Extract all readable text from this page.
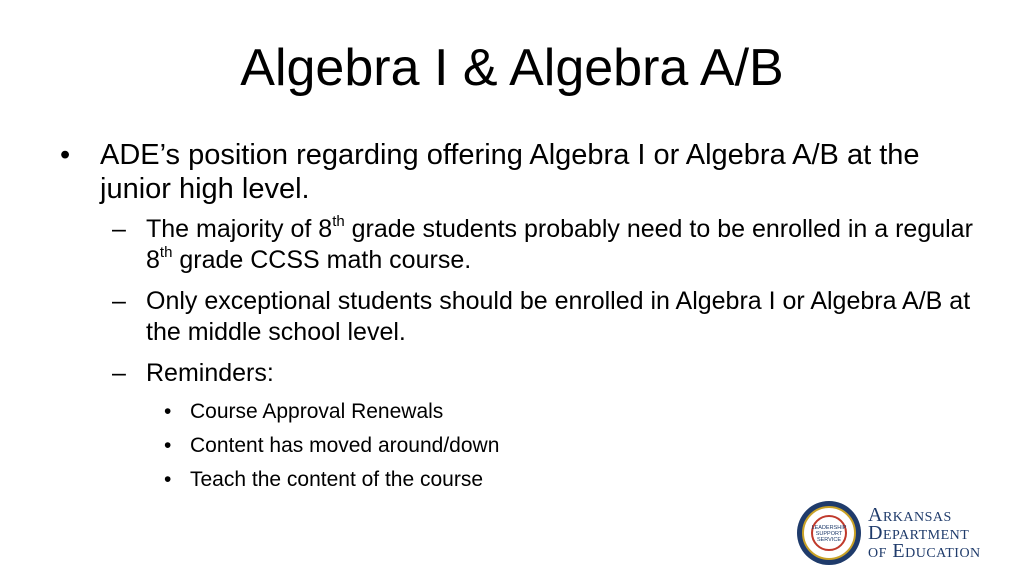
Algebra I & Algebra A/B
• ADE’s position regarding offering Algebra I or Algebra A/B at the junior high level.
– The majority of 8th grade students probably need to be enrolled in a regular 8th grade CCSS math course.
– Only exceptional students should be enrolled in Algebra I or Algebra A/B at the middle school level.
– Reminders:
• Course Approval Renewals
• Content has moved around/down
• Teach the content of the course
LEADERSHIP
SUPPORT
SERVICE
Arkansas
Department
of Education
